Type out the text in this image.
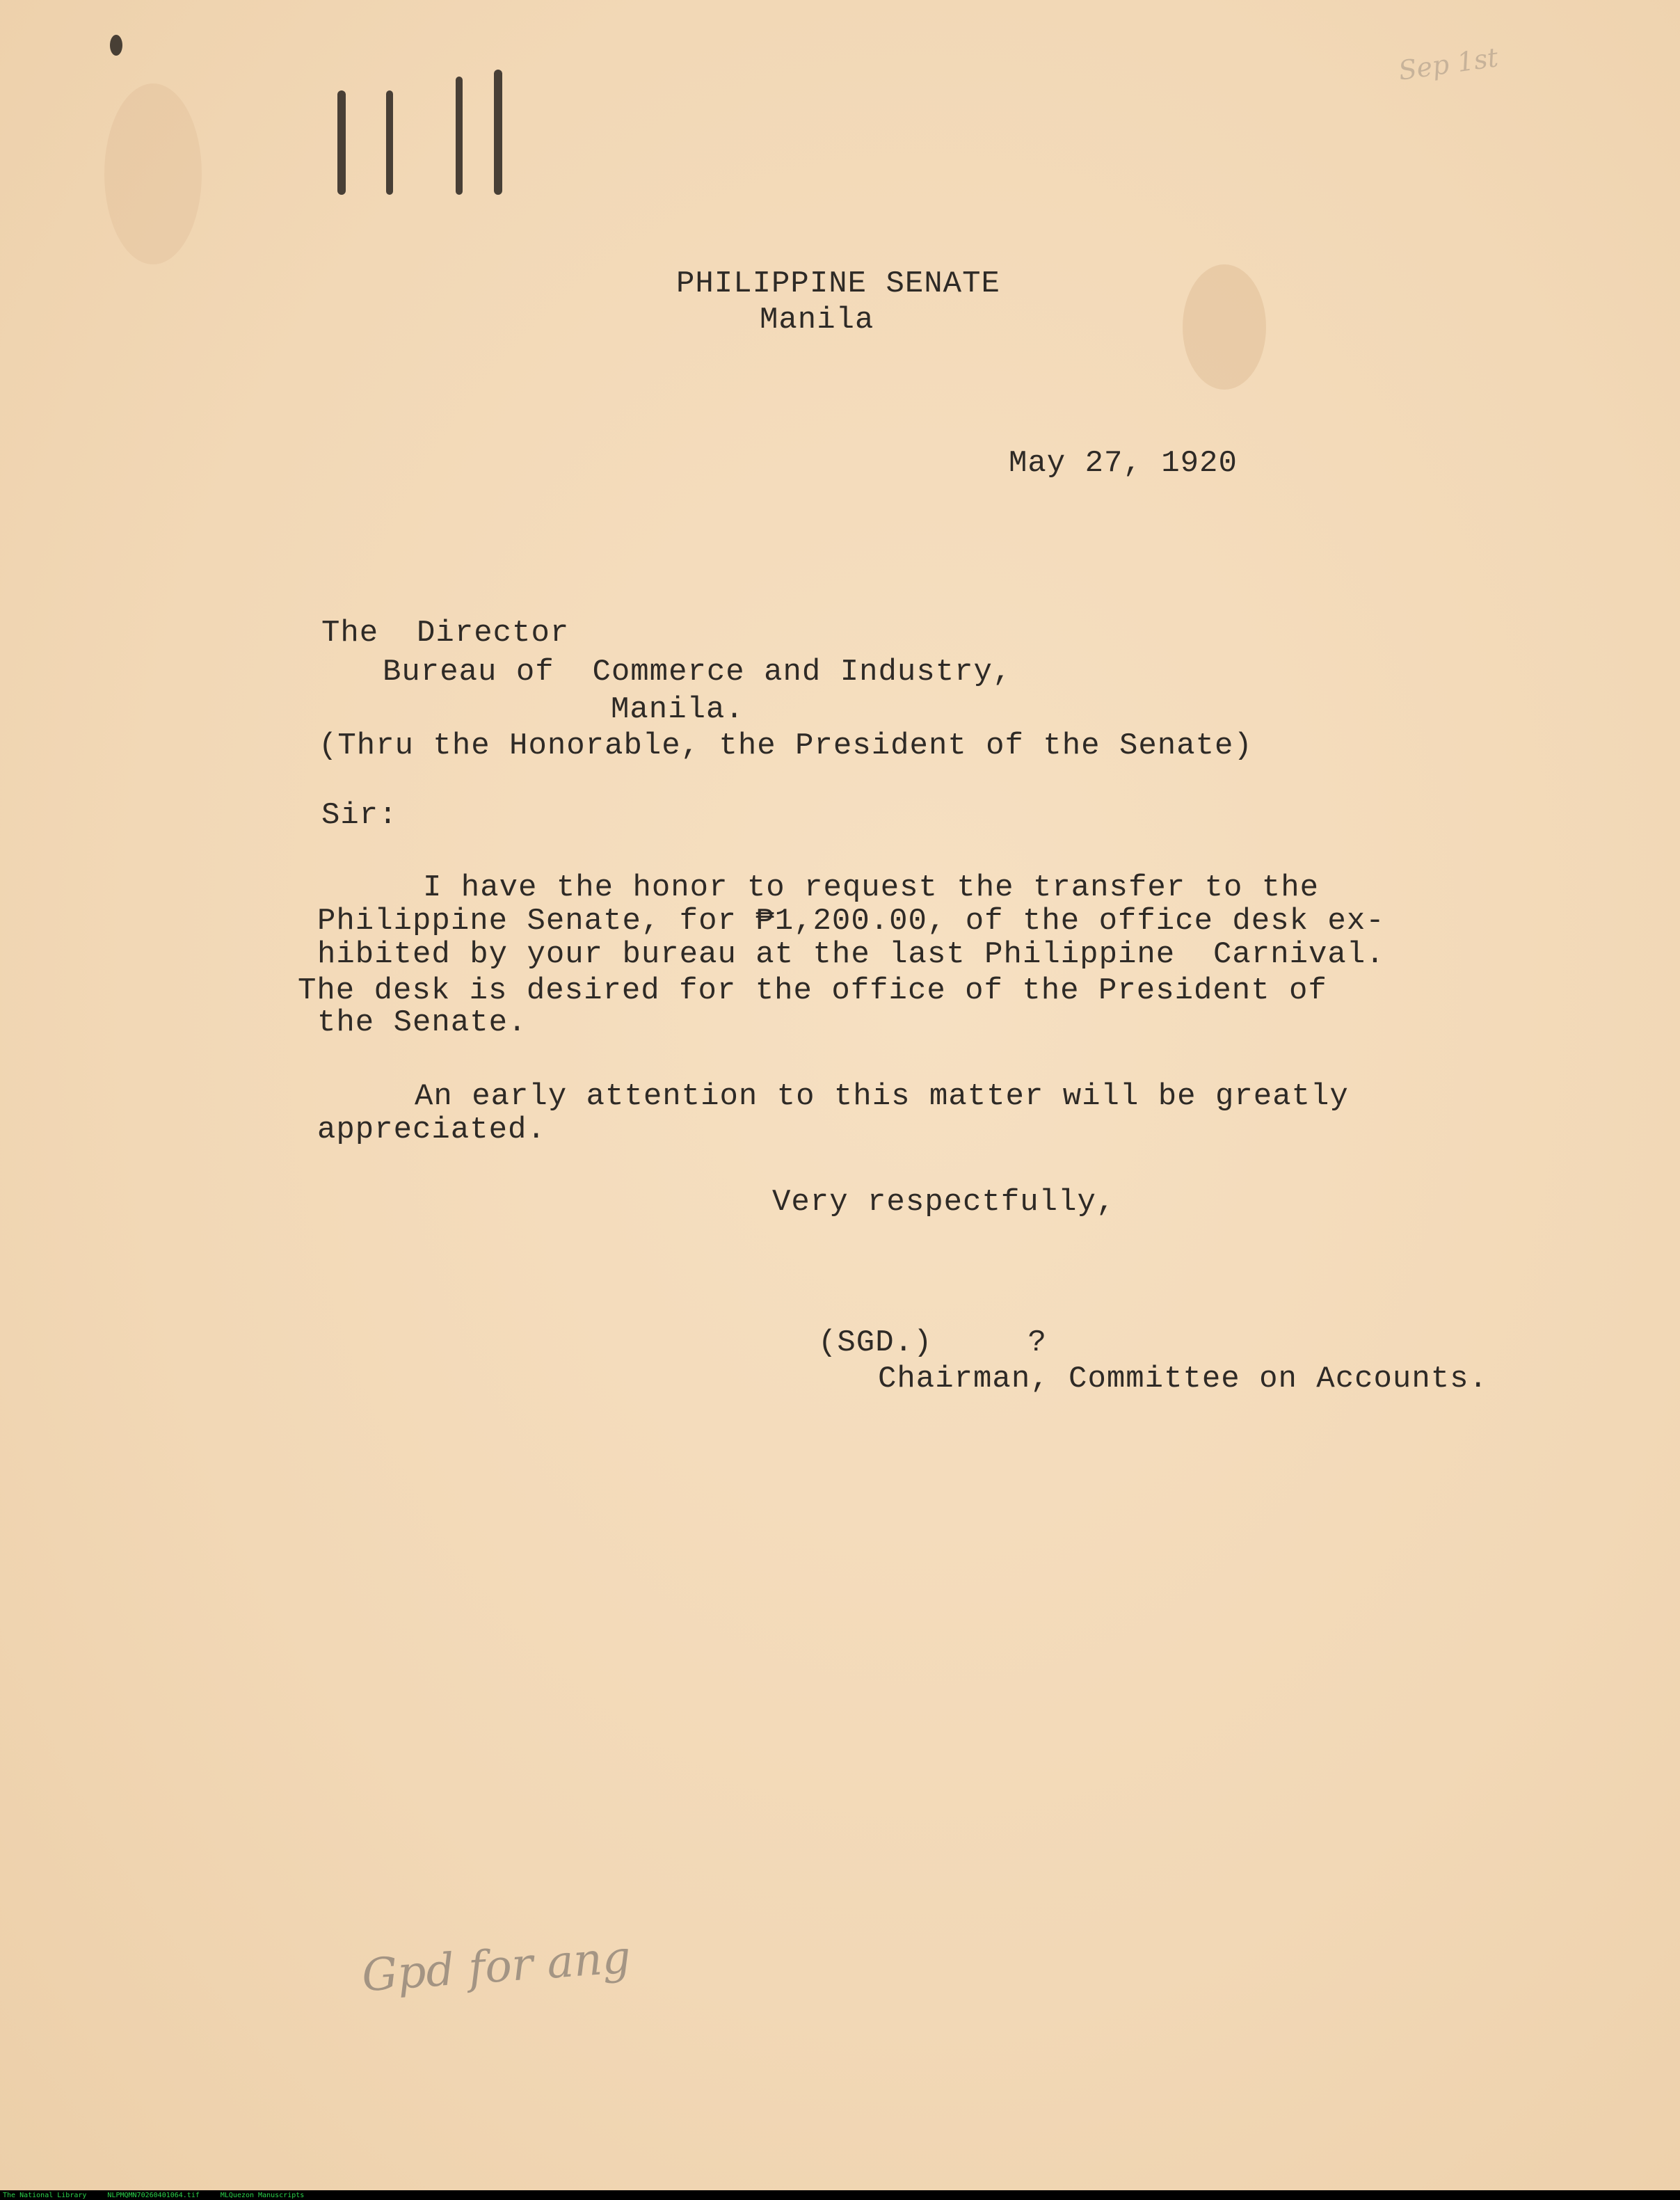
PHILIPPINE SENATE

Manila

May 27, 1920

The  Director

Bureau of  Commerce and Industry,

Manila.

(Thru the Honorable, the President of the Senate)

Sir:

I have the honor to request the transfer to the

Philippine Senate, for ₱1,200.00, of the office desk ex-

hibited by your bureau at the last Philippine  Carnival.

The desk is desired for the office of the President of

the Senate.

An early attention to this matter will be greatly

appreciated.

Very respectfully,

(SGD.)     ?

Chairman, Committee on Accounts.

Sep 1st
Gpd for ang
The National Library	NLPMQMN70260401064.tif	MLQuezon Manuscripts
